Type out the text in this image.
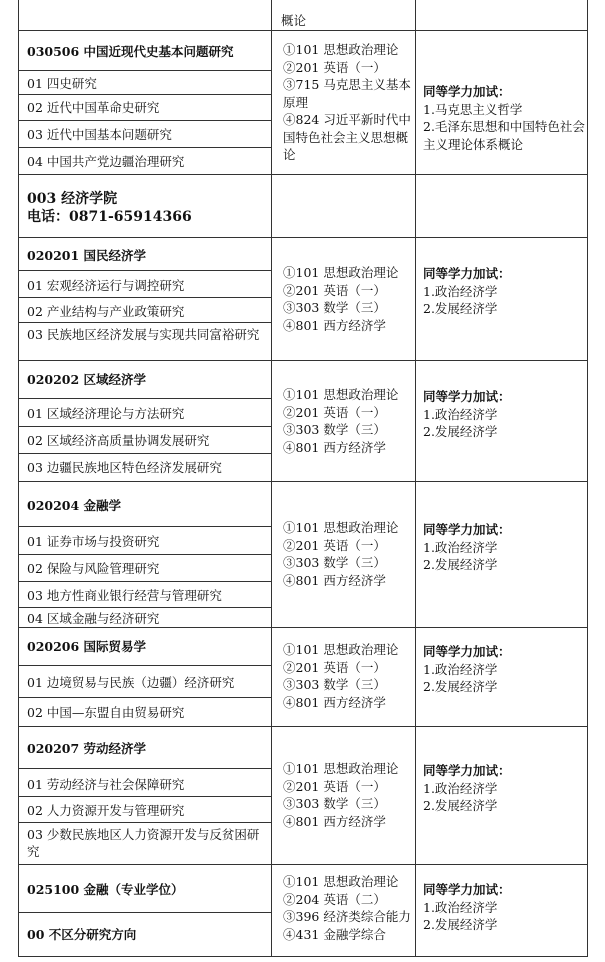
概论
030506 中国近现代史基本问题研究
01 四史研究
02 近代中国革命史研究
03 近代中国基本问题研究
04 中国共产党边疆治理研究
①101 思想政治理论
②201 英语（一）
③715 马克思主义基本原理
④824 习近平新时代中国特色社会主义思想概论
同等学力加试：
1.马克思主义哲学
2.毛泽东思想和中国特色社会主义理论体系概论
003 经济学院
电话：0871-65914366
020201 国民经济学
01 宏观经济运行与调控研究
02 产业结构与产业政策研究
03 民族地区经济发展与实现共同富裕研究
①101 思想政治理论
②201 英语（一）
③303 数学（三）
④801 西方经济学
同等学力加试：
1.政治经济学
2.发展经济学
020202 区域经济学
01 区域经济理论与方法研究
02 区域经济高质量协调发展研究
03 边疆民族地区特色经济发展研究
①101 思想政治理论
②201 英语（一）
③303 数学（三）
④801 西方经济学
同等学力加试：
1.政治经济学
2.发展经济学
020204 金融学
01 证券市场与投资研究
02 保险与风险管理研究
03 地方性商业银行经营与管理研究
04 区域金融与经济研究
①101 思想政治理论
②201 英语（一）
③303 数学（三）
④801 西方经济学
同等学力加试：
1.政治经济学
2.发展经济学
020206 国际贸易学
01 边境贸易与民族（边疆）经济研究
02 中国—东盟自由贸易研究
①101 思想政治理论
②201 英语（一）
③303 数学（三）
④801 西方经济学
同等学力加试：
1.政治经济学
2.发展经济学
020207 劳动经济学
01 劳动经济与社会保障研究
02 人力资源开发与管理研究
03 少数民族地区人力资源开发与反贫困研究
①101 思想政治理论
②201 英语（一）
③303 数学（三）
④801 西方经济学
同等学力加试：
1.政治经济学
2.发展经济学
025100 金融（专业学位）
00 不区分研究方向
①101 思想政治理论
②204 英语（二）
③396 经济类综合能力
④431 金融学综合
同等学力加试：
1.政治经济学
2.发展经济学
